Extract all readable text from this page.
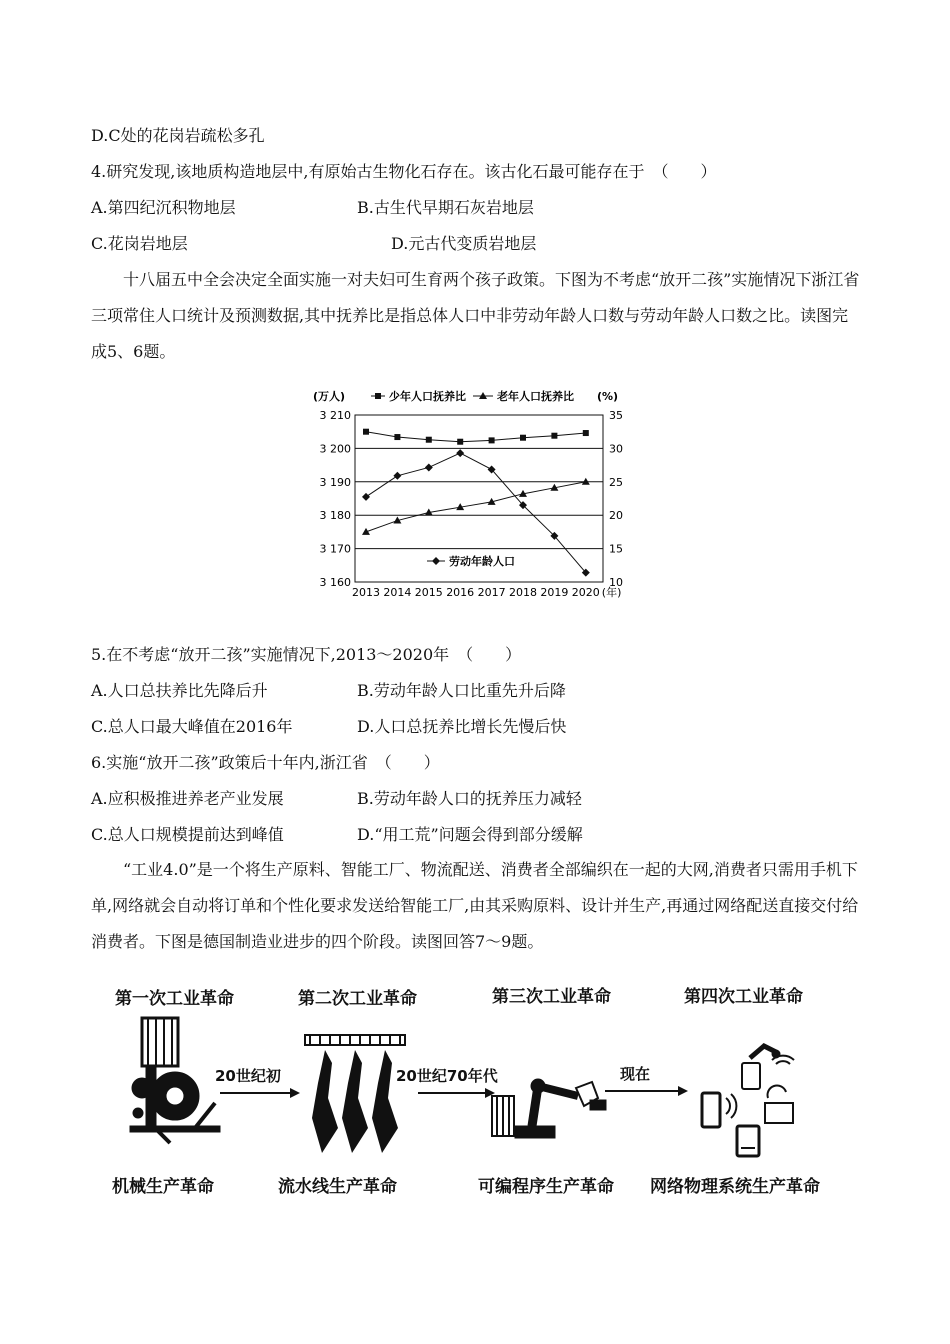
D.C处的花岗岩疏松多孔
4.研究发现,该地质构造地层中,有原始古生物化石存在。该古化石最可能存在于　（　　）
A.第四纪沉积物地层	B.古生代早期石灰岩地层
C.花岗岩地层	D.元古代变质岩地层
十八届五中全会决定全面实施一对夫妇可生育两个孩子政策。下图为不考虑“放开二孩”实施情况下浙江省三项常住人口统计及预测数据,其中抚养比是指总体人口中非劳动年龄人口数与劳动年龄人口数之比。读图完成5、6题。
(万人)	少年人口抚养比	老年人口抚养比 (%)
3 160
3 170
3 180
3 190
3 200
3 210
10
15
20
25
30
35
2013 2014 2015 2016 2017 2018 2019 2020 (年)
劳动年龄人口
5.在不考虑“放开二孩”实施情况下,2013～2020年　（　　）
A.人口总扶养比先降后升	B.劳动年龄人口比重先升后降
C.总人口最大峰值在2016年	D.人口总抚养比增长先慢后快
6.实施“放开二孩”政策后十年内,浙江省　（　　）
A.应积极推进养老产业发展	B.劳动年龄人口的抚养压力减轻
C.总人口规模提前达到峰值	D.“用工荒”问题会得到部分缓解
“工业4.0”是一个将生产原料、智能工厂、物流配送、消费者全部编织在一起的大网,消费者只需用手机下单,网络就会自动将订单和个性化要求发送给智能工厂,由其采购原料、设计并生产,再通过网络配送直接交付给消费者。下图是德国制造业进步的四个阶段。读图回答7～9题。
第一次工业革命	第二次工业革命	第三次工业革命	第四次工业革命
机械生产革命	流水线生产革命	可编程序生产革命 网络物理系统生产革命
20世纪初	20世纪70年代	现在
